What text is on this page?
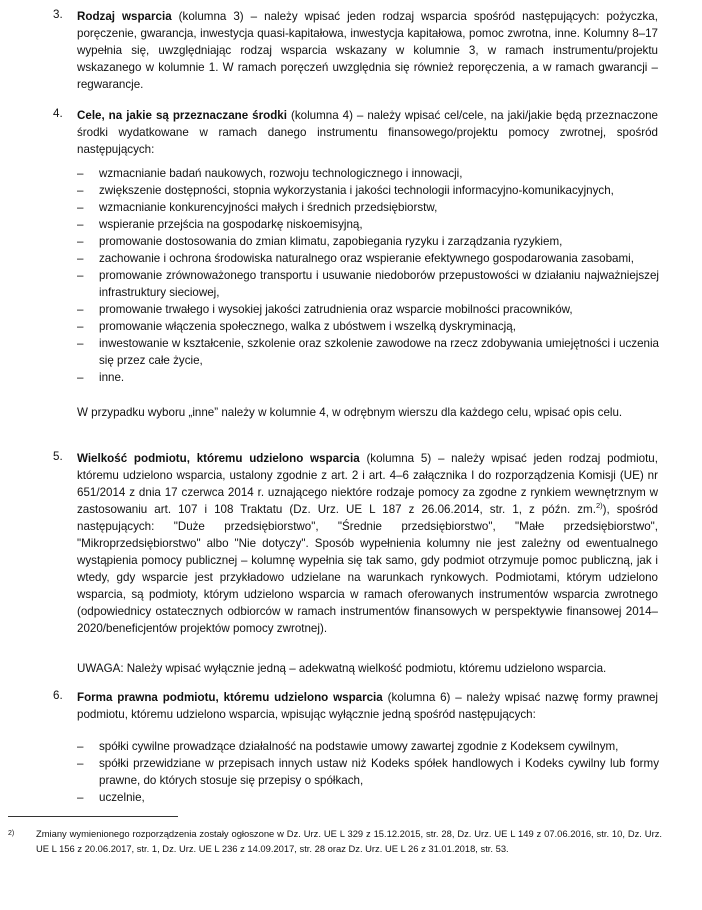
3.	Rodzaj wsparcia (kolumna 3) – należy wpisać jeden rodzaj wsparcia spośród następujących: pożyczka, poręczenie, gwarancja, inwestycja quasi-kapitałowa, inwestycja kapitałowa, pomoc zwrotna, inne. Kolumny 8–17 wypełnia się, uwzględniając rodzaj wsparcia wskazany w kolumnie 3, w ramach instrumentu/projektu wskazanego w kolumnie 1. W ramach poręczeń uwzględnia się również reporęczenia, a w ramach gwarancji – regwarancje.
4.	Cele, na jakie są przeznaczane środki (kolumna 4) – należy wpisać cel/cele, na jaki/jakie będą przeznaczone środki wydatkowane w ramach danego instrumentu finansowego/projektu pomocy zwrotnej, spośród następujących:
– wzmacnianie badań naukowych, rozwoju technologicznego i innowacji,
– zwiększenie dostępności, stopnia wykorzystania i jakości technologii informacyjno-komunikacyjnych,
– wzmacnianie konkurencyjności małych i średnich przedsiębiorstw,
– wspieranie przejścia na gospodarkę niskoemisyjną,
– promowanie dostosowania do zmian klimatu, zapobiegania ryzyku i zarządzania ryzykiem,
– zachowanie i ochrona środowiska naturalnego oraz wspieranie efektywnego gospodarowania zasobami,
– promowanie zrównoważonego transportu i usuwanie niedoborów przepustowości w działaniu najważniejszej infrastruktury sieciowej,
– promowanie trwałego i wysokiej jakości zatrudnienia oraz wsparcie mobilności pracowników,
– promowanie włączenia społecznego, walka z ubóstwem i wszelką dyskryminacją,
– inwestowanie w kształcenie, szkolenie oraz szkolenie zawodowe na rzecz zdobywania umiejętności i uczenia się przez całe życie,
– inne.
W przypadku wyboru „inne” należy w kolumnie 4, w odrębnym wierszu dla każdego celu, wpisać opis celu.
5.	Wielkość podmiotu, któremu udzielono wsparcia (kolumna 5) – należy wpisać jeden rodzaj podmiotu, któremu udzielono wsparcia, ustalony zgodnie z art. 2 i art. 4–6 załącznika I do rozporządzenia Komisji (UE) nr 651/2014 z dnia 17 czerwca 2014 r. uznającego niektóre rodzaje pomocy za zgodne z rynkiem wewnętrznym w zastosowaniu art. 107 i 108 Traktatu (Dz. Urz. UE L 187 z 26.06.2014, str. 1, z późn. zm.$^{2)}$), spośród następujących: "Duże przedsiębiorstwo", "Średnie przedsiębiorstwo", "Małe przedsiębiorstwo", "Mikroprzedsiębiorstwo" albo "Nie dotyczy". Sposób wypełnienia kolumny nie jest zależny od ewentualnego wystąpienia pomocy publicznej – kolumnę wypełnia się tak samo, gdy podmiot otrzymuje pomoc publiczną, jak i wtedy, gdy wsparcie jest przykładowo udzielane na warunkach rynkowych. Podmiotami, którym udzielono wsparcia, są podmioty, którym udzielono wsparcia w ramach oferowanych instrumentów wsparcia zwrotnego (odpowiednicy ostatecznych odbiorców w ramach instrumentów finansowych w perspektywie finansowej 2014–2020/beneficjentów projektów pomocy zwrotnej).
UWAGA: Należy wpisać wyłącznie jedną – adekwatną wielkość podmiotu, któremu udzielono wsparcia.
6.	Forma prawna podmiotu, któremu udzielono wsparcia (kolumna 6) – należy wpisać nazwę formy prawnej podmiotu, któremu udzielono wsparcia, wpisując wyłącznie jedną spośród następujących:
– spółki cywilne prowadzące działalność na podstawie umowy zawartej zgodnie z Kodeksem cywilnym,
– spółki przewidziane w przepisach innych ustaw niż Kodeks spółek handlowych i Kodeks cywilny lub formy prawne, do których stosuje się przepisy o spółkach,
– uczelnie,
2) Zmiany wymienionego rozporządzenia zostały ogłoszone w Dz. Urz. UE L 329 z 15.12.2015, str. 28, Dz. Urz. UE L 149 z 07.06.2016, str. 10, Dz. Urz. UE L 156 z 20.06.2017, str. 1, Dz. Urz. UE L 236 z 14.09.2017, str. 28 oraz Dz. Urz. UE L 26 z 31.01.2018, str. 53.
